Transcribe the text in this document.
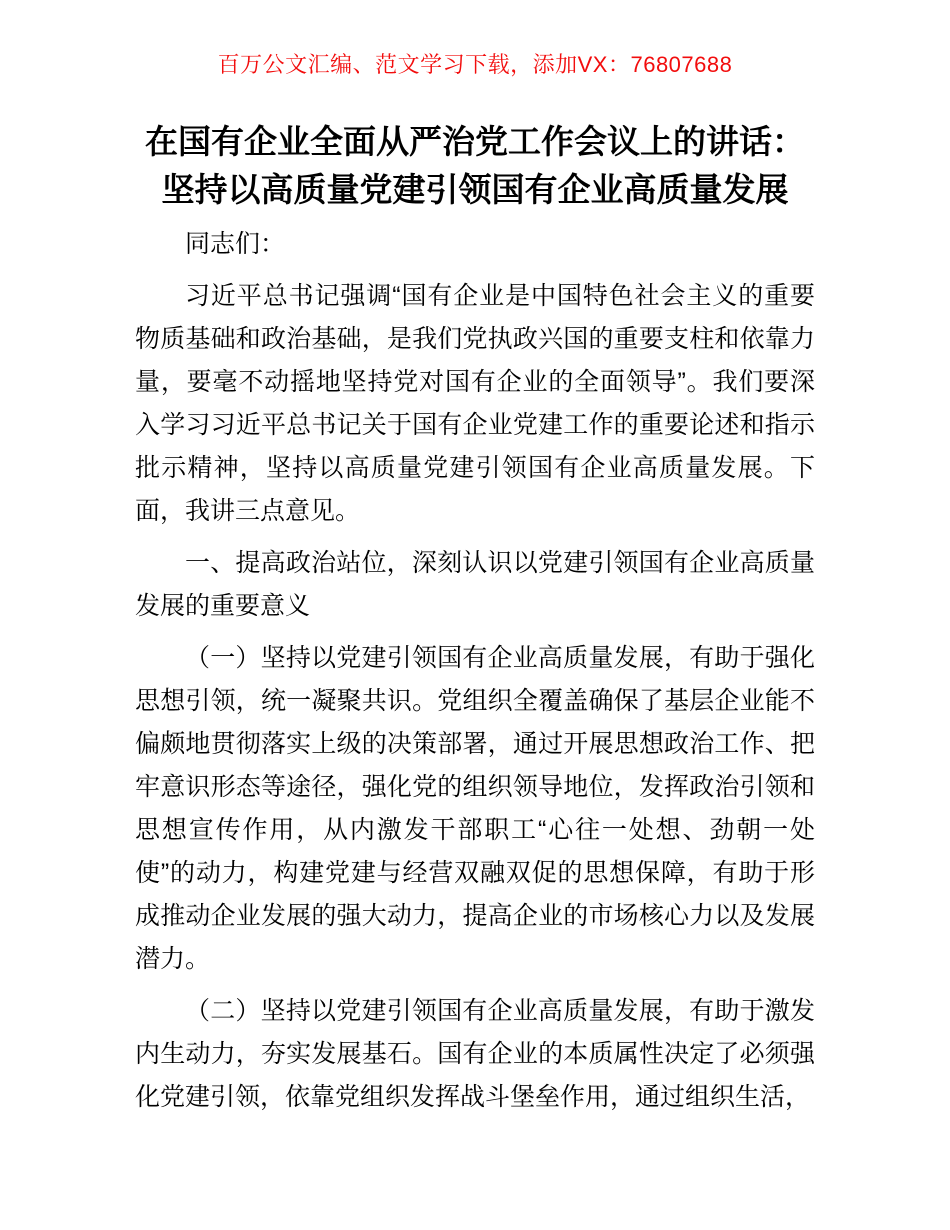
百万公文汇编、范文学习下载，添加VX：76807688
在国有企业全面从严治党工作会议上的讲话：
坚持以高质量党建引领国有企业高质量发展

同志们：

习近平总书记强调“国有企业是中国特色社会主义的重要物质基础和政治基础，是我们党执政兴国的重要支柱和依靠力量，要毫不动摇地坚持党对国有企业的全面领导”。我们要深入学习习近平总书记关于国有企业党建工作的重要论述和指示批示精神，坚持以高质量党建引领国有企业高质量发展。下面，我讲三点意见。

一、提高政治站位，深刻认识以党建引领国有企业高质量发展的重要意义

（一）坚持以党建引领国有企业高质量发展，有助于强化思想引领，统一凝聚共识。党组织全覆盖确保了基层企业能不偏颇地贯彻落实上级的决策部署，通过开展思想政治工作、把牢意识形态等途径，强化党的组织领导地位，发挥政治引领和思想宣传作用，从内激发干部职工“心往一处想、劲朝一处使”的动力，构建党建与经营双融双促的思想保障，有助于形成推动企业发展的强大动力，提高企业的市场核心力以及发展潜力。

（二）坚持以党建引领国有企业高质量发展，有助于激发内生动力，夯实发展基石。国有企业的本质属性决定了必须强化党建引领，依靠党组织发挥战斗堡垒作用，通过组织生活，
